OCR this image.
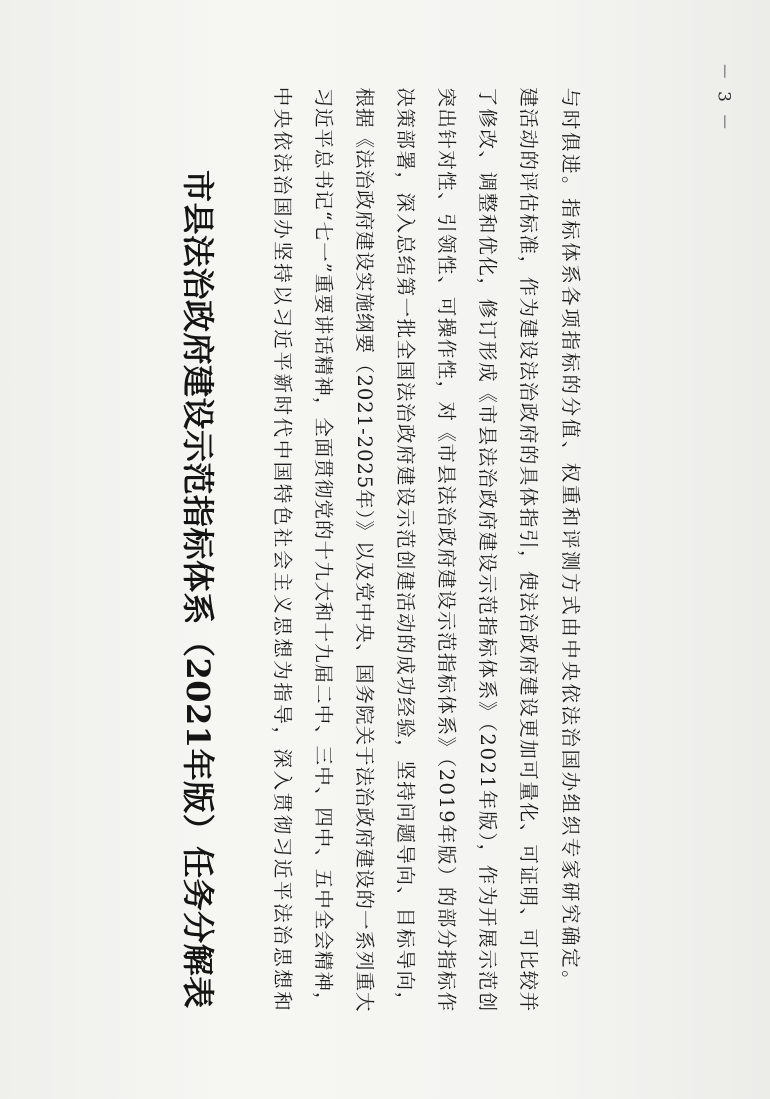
－ 3 －
市县法治政府建设示范指标体系（2021年版）任务分解表	中央依法治国办坚持以习近平新时代中国特色社会主义思想为指导，深入贯彻习近平法治思想和 习近平总书记“七一”重要讲话精神，全面贯彻党的十九大和十九届二中、三中、四中、五中全会精神， 根据《法治政府建设实施纲要（2021-2025年）》以及党中央、国务院关于法治政府建设的一系列重大 决策部署，深入总结第一批全国法治政府建设示范创建活动的成功经验，坚持问题导向、目标导向， 突出针对性、引领性、可操作性，对《市县法治政府建设示范指标体系》（2019年版）的部分指标作 了修改、调整和优化，修订形成《市县法治政府建设示范指标体系》（2021年版），作为开展示范创 建活动的评估标准，作为建设法治政府的具体指引，使法治政府建设更加可量化、可证明、可比较并 与时俱进。指标体系各项指标的分值、权重和评测方式由中央依法治国办组织专家研究确定。
